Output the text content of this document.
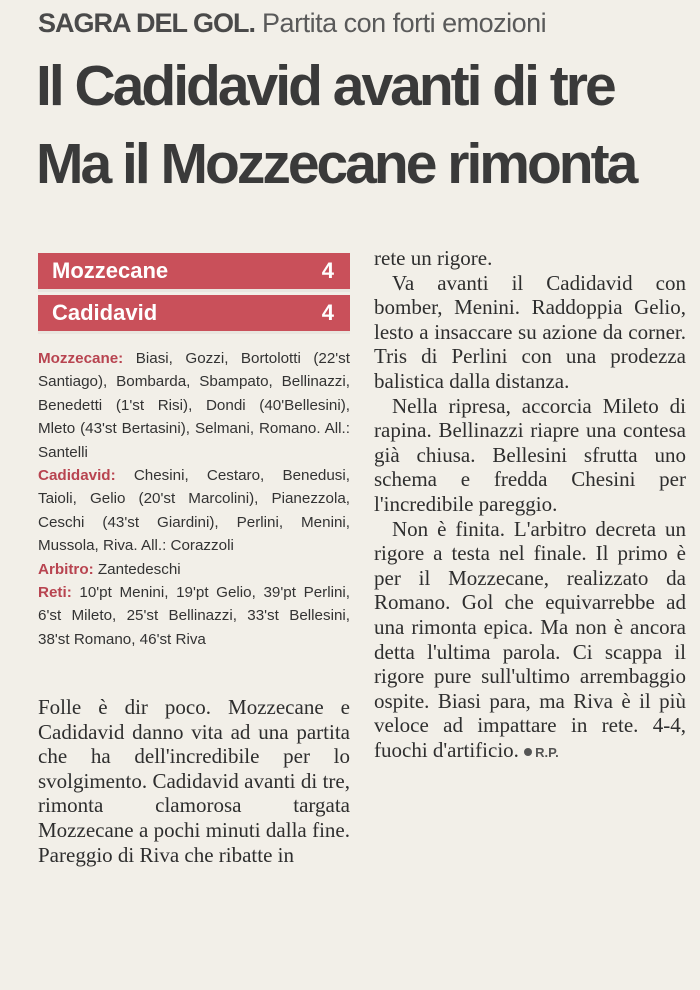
SAGRA DEL GOL. Partita con forti emozioni
Il Cadidavid avanti di tre
Ma il Mozzecane rimonta
Mozzecane	4
Cadidavid	4

Mozzecane: Biasi, Gozzi, Bortolotti (22'st Santiago), Bombarda, Sbampato, Bellinazzi, Benedetti (1'st Risi), Dondi (40'Bellesini), Mleto (43'st Bertasini), Selmani, Romano. All.: Santelli

Cadidavid: Chesini, Cestaro, Benedusi, Taioli, Gelio (20'st Marcolini), Pianezzola, Ceschi (43'st Giardini), Perlini, Menini, Mussola, Riva. All.: Corazzoli

Arbitro: Zantedeschi

Reti: 10'pt Menini, 19'pt Gelio, 39'pt Perlini, 6'st Mileto, 25'st Bellinazzi, 33'st Bellesini, 38'st Romano, 46'st Riva

Folle è dir poco. Mozzecane e Cadidavid danno vita ad una partita che ha dell'incredibile per lo svolgimento. Cadidavid avanti di tre, rimonta clamorosa targata Mozzecane a pochi minuti dalla fine. Pareggio di Riva che ribatte in

rete un rigore.

Va avanti il Cadidavid con bomber, Menini. Raddoppia Gelio, lesto a insaccare su azione da corner. Tris di Perlini con una prodezza balistica dalla distanza.

Nella ripresa, accorcia Mileto di rapina. Bellinazzi riapre una contesa già chiusa. Bellesini sfrutta uno schema e fredda Chesini per l'incredibile pareggio.

Non è finita. L'arbitro decreta un rigore a testa nel finale. Il primo è per il Mozzecane, realizzato da Romano. Gol che equivarrebbe ad una rimonta epica. Ma non è ancora detta l'ultima parola. Ci scappa il rigore pure sull'ultimo arrembaggio ospite. Biasi para, ma Riva è il più veloce ad impattare in rete. 4-4, fuochi d'artificio. R.P.
